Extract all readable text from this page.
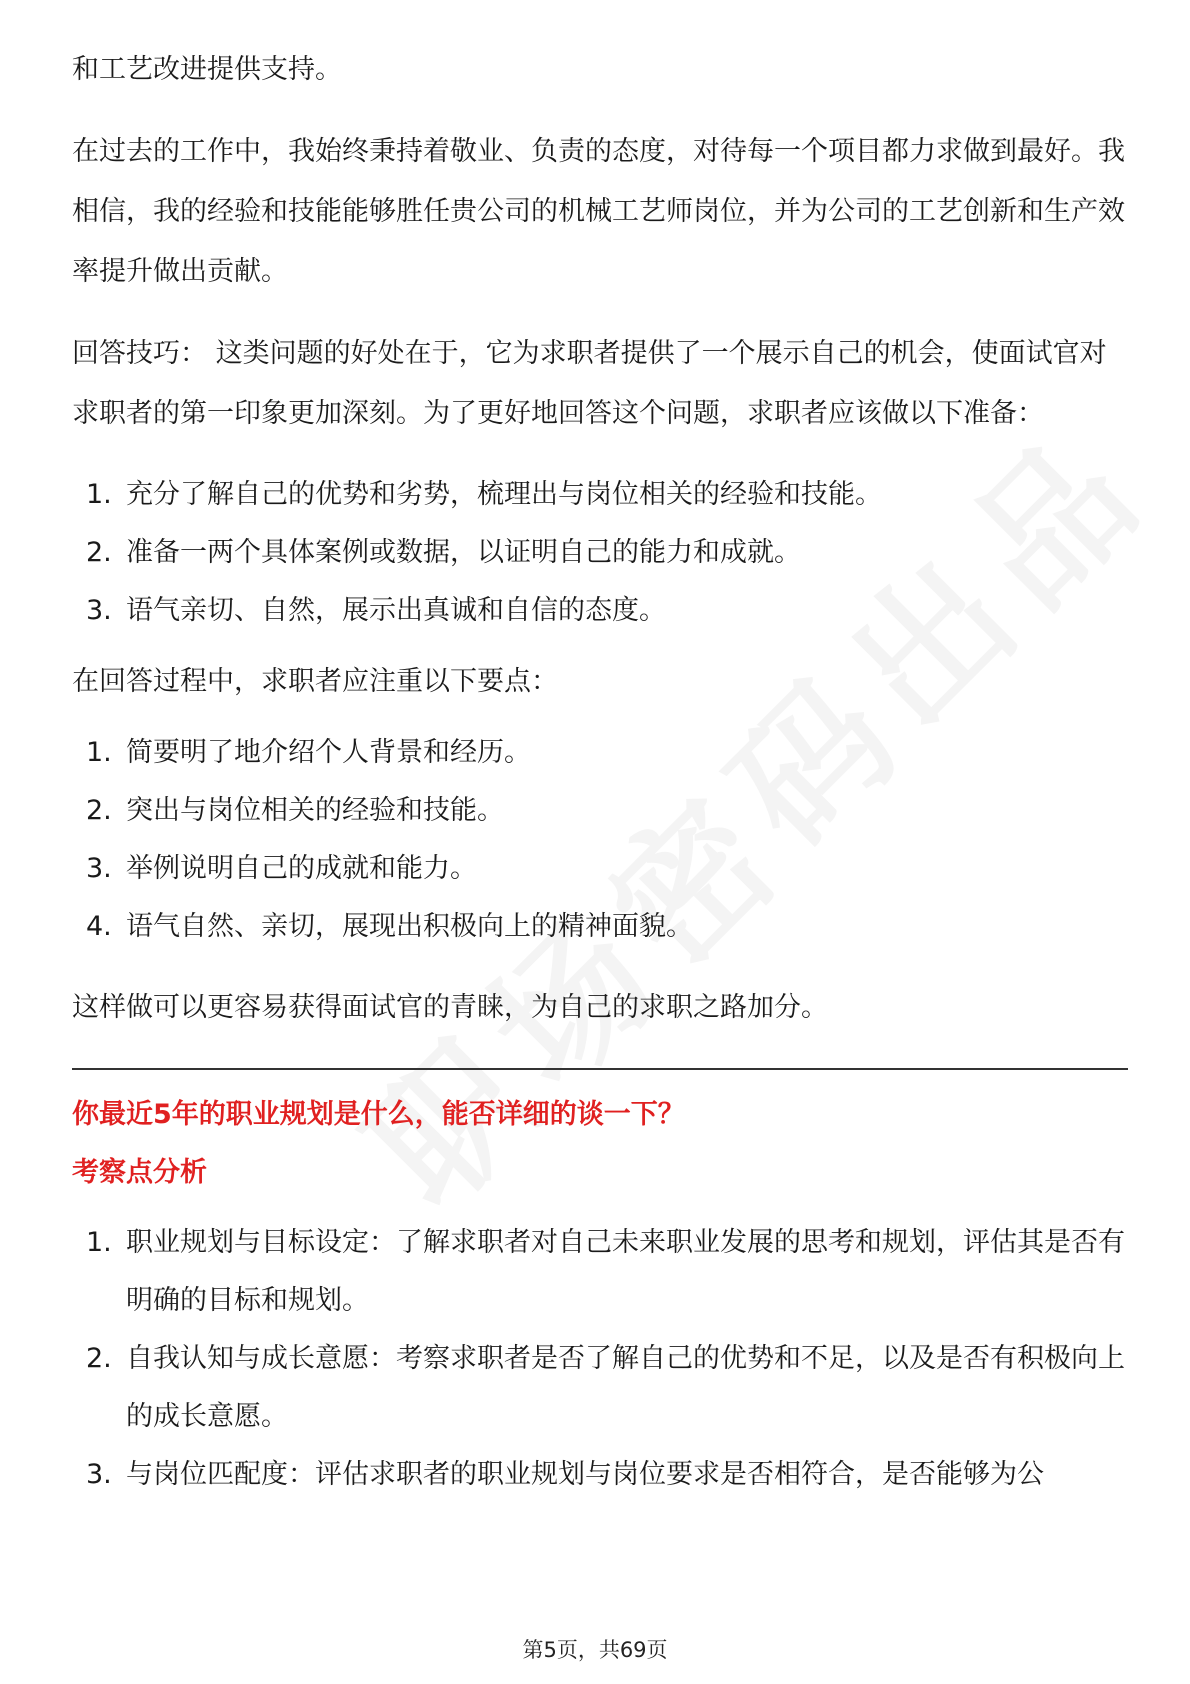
和工艺改进提供支持。

在过去的工作中，我始终秉持着敬业、负责的态度，对待每一个项目都力求做到最好。我相信，我的经验和技能能够胜任贵公司的机械工艺师岗位，并为公司的工艺创新和生产效率提升做出贡献。

回答技巧： 这类问题的好处在于，它为求职者提供了一个展示自己的机会，使面试官对求职者的第一印象更加深刻。为了更好地回答这个问题，求职者应该做以下准备：

1. 充分了解自己的优势和劣势，梳理出与岗位相关的经验和技能。
2. 准备一两个具体案例或数据，以证明自己的能力和成就。
3. 语气亲切、自然，展示出真诚和自信的态度。

在回答过程中，求职者应注重以下要点：

1. 简要明了地介绍个人背景和经历。
2. 突出与岗位相关的经验和技能。
3. 举例说明自己的成就和能力。
4. 语气自然、亲切，展现出积极向上的精神面貌。

这样做可以更容易获得面试官的青睐，为自己的求职之路加分。

你最近5年的职业规划是什么，能否详细的谈一下？

考察点分析

1. 职业规划与目标设定：了解求职者对自己未来职业发展的思考和规划，评估其是否有明确的目标和规划。
2. 自我认知与成长意愿：考察求职者是否了解自己的优势和不足，以及是否有积极向上的成长意愿。
3. 与岗位匹配度：评估求职者的职业规划与岗位要求是否相符合，是否能够为公
第5页，共69页
